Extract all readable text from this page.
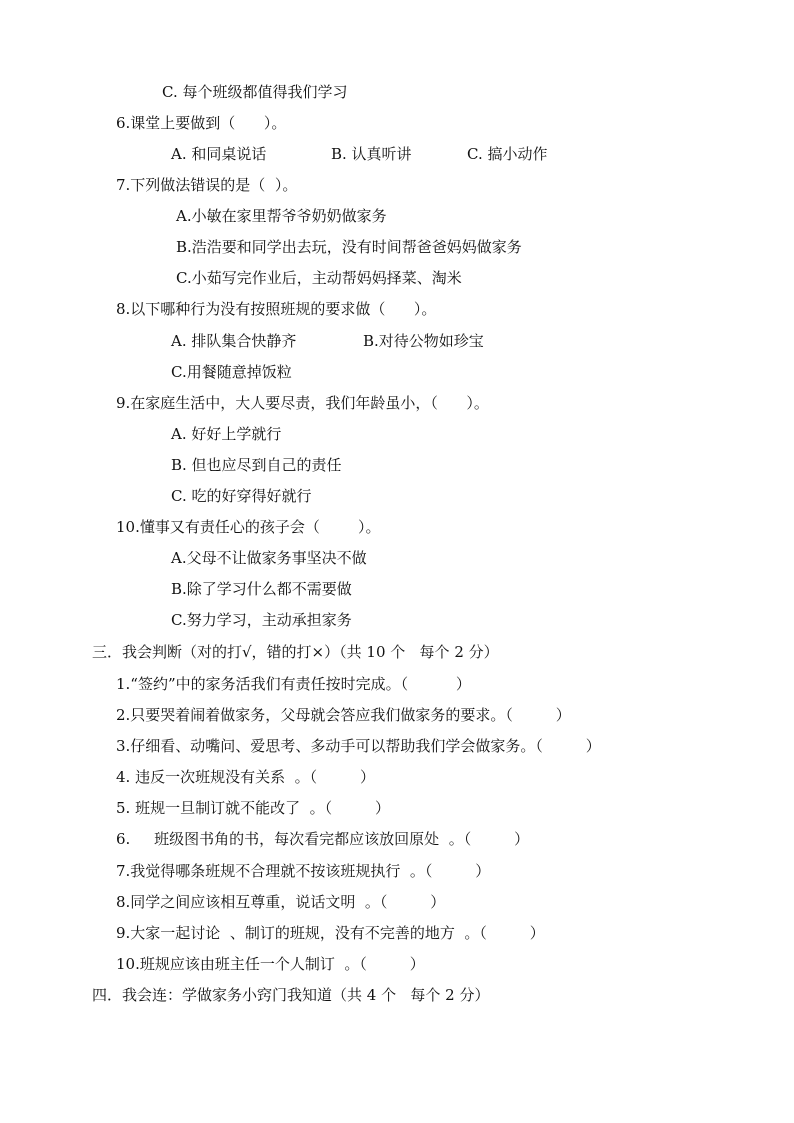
C. 每个班级都值得我们学习
6.课堂上要做到（      ）。
A. 和同桌说话	B. 认真听讲	C. 搞小动作
7.下列做法错误的是（  ）。
A.小敏在家里帮爷爷奶奶做家务
B.浩浩要和同学出去玩，没有时间帮爸爸妈妈做家务
C.小茹写完作业后，主动帮妈妈择菜、淘米
8.以下哪种行为没有按照班规的要求做（      ）。
A. 排队集合快静齐	B.对待公物如珍宝
C.用餐随意掉饭粒
9.在家庭生活中，大人要尽责，我们年龄虽小，（      ）。
A. 好好上学就行
B. 但也应尽到自己的责任
C. 吃的好穿得好就行
10.懂事又有责任心的孩子会（        ）。
A.父母不让做家务事坚决不做
B.除了学习什么都不需要做
C.努力学习，主动承担家务
三．我会判断（对的打√，错的打×）（共 10 个   每个 2 分）
1.“签约”中的家务活我们有责任按时完成。（          ）
2.只要哭着闹着做家务，父母就会答应我们做家务的要求。（         ）
3.仔细看、动嘴问、爱思考、多动手可以帮助我们学会做家务。（         ）
4. 违反一次班规没有关系  。（         ）
5. 班规一旦制订就不能改了  。（         ）
6.     班级图书角的书，每次看完都应该放回原处  。（         ）
7.我觉得哪条班规不合理就不按该班规执行  。（         ）
8.同学之间应该相互尊重，说话文明  。（         ）
9.大家一起讨论  、制订的班规，没有不完善的地方  。（         ）
10.班规应该由班主任一个人制订  。（         ）
四．我会连：学做家务小窍门我知道（共 4 个   每个 2 分）
